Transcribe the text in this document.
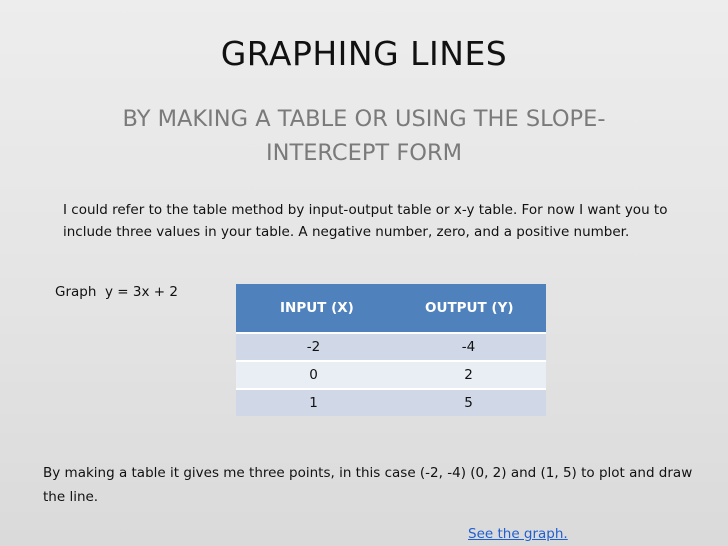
GRAPHING LINES
BY MAKING A TABLE OR USING THE SLOPE-INTERCEPT FORM
I could refer to the table method by input-output table or x-y table. For now I want you to include three values in your table. A negative number, zero, and a positive number.
Graph  y = 3x + 2
INPUT (X)	OUTPUT (Y)

-2	-4
0	2
1	5
By making a table it gives me three points, in this case (-2, -4) (0, 2) and (1, 5) to plot and draw the line.
See the graph.
